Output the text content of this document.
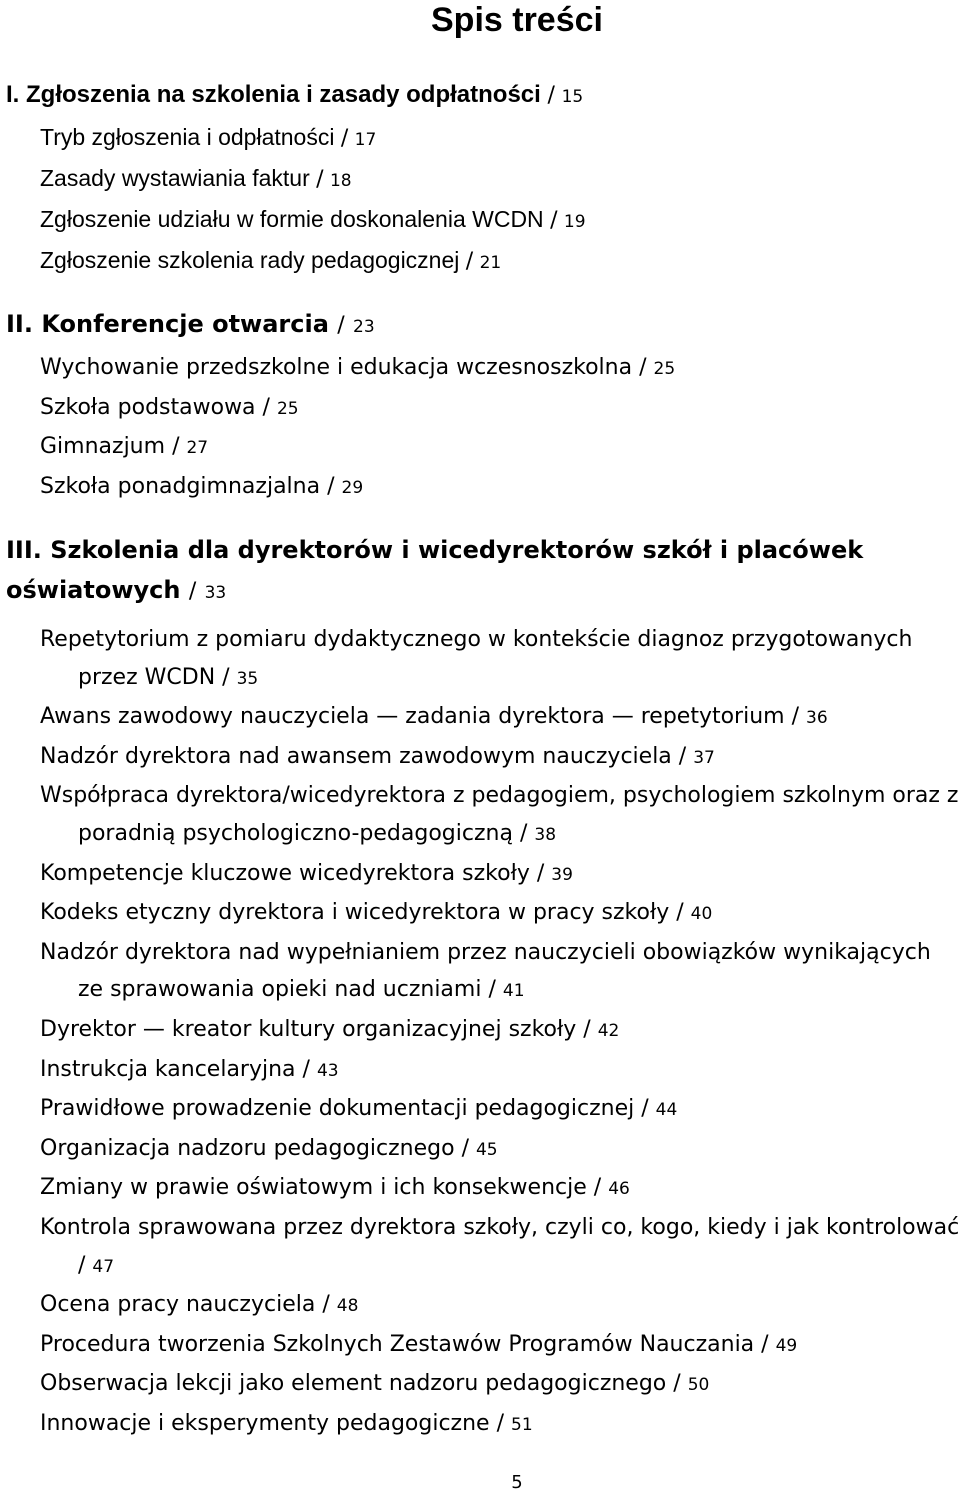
Spis treści
I. Zgłoszenia na szkolenia i zasady odpłatności / 15
Tryb zgłoszenia i odpłatności / 17
Zasady wystawiania faktur / 18
Zgłoszenie udziału w formie doskonalenia WCDN / 19
Zgłoszenie szkolenia rady pedagogicznej / 21
II. Konferencje otwarcia / 23
Wychowanie przedszkolne i edukacja wczesnoszkolna / 25
Szkoła podstawowa / 25
Gimnazjum / 27
Szkoła ponadgimnazjalna / 29
III. Szkolenia dla dyrektorów i wicedyrektorów szkół i placówek oświatowych / 33
Repetytorium z pomiaru dydaktycznego w kontekście diagnoz przygotowanych przez WCDN / 35
Awans zawodowy nauczyciela — zadania dyrektora — repetytorium / 36
Nadzór dyrektora nad awansem zawodowym nauczyciela / 37
Współpraca dyrektora/wicedyrektora z pedagogiem, psychologiem szkolnym oraz z poradnią psychologiczno-pedagogiczną / 38
Kompetencje kluczowe wicedyrektora szkoły / 39
Kodeks etyczny dyrektora i wicedyrektora w pracy szkoły / 40
Nadzór dyrektora nad wypełnianiem przez nauczycieli obowiązków wynikających ze sprawowania opieki nad uczniami / 41
Dyrektor — kreator kultury organizacyjnej szkoły / 42
Instrukcja kancelaryjna / 43
Prawidłowe prowadzenie dokumentacji pedagogicznej / 44
Organizacja nadzoru pedagogicznego / 45
Zmiany w prawie oświatowym i ich konsekwencje / 46
Kontrola sprawowana przez dyrektora szkoły, czyli co, kogo, kiedy i jak kontrolować / 47
Ocena pracy nauczyciela / 48
Procedura tworzenia Szkolnych Zestawów Programów Nauczania / 49
Obserwacja lekcji jako element nadzoru pedagogicznego / 50
Innowacje i eksperymenty pedagogiczne / 51
5
